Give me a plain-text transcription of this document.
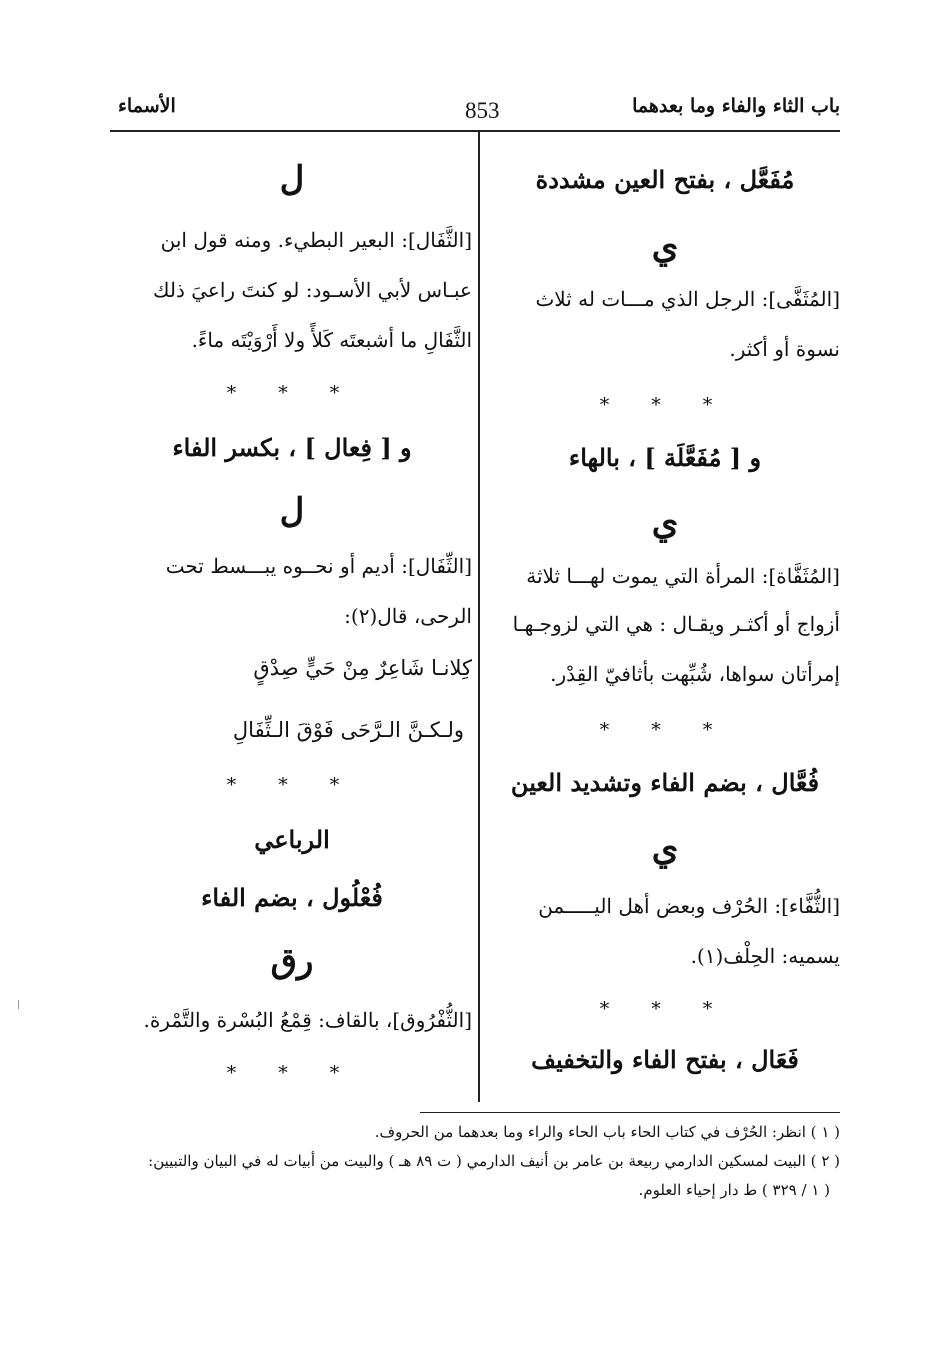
باب الثاء والفاء وما بعدهما
853
الأسماء
مُفَعَّل ، بفتح العين مشددة
ي
[المُثَفَّى]: الرجل الذي مـــات له ثلاث
نسوة أو أكثر.
* * *
و [ مُفَعَّلَة ] ، بالهاء
ي
[المُثَفَّاة]: المرأة التي يموت لهـــا ثلاثة
أزواج أو أكثـر ويقـال : هي التي لزوجـهـا
إمرأتان سواها، شُبِّهت بأثافيّ القِدْر.
* * *
فُعَّال ، بضم الفاء وتشديد العين
ي
[الثُّفَّاء]: الحُرْف وبعض أهل اليـــــمن
يسميه: الحِلْف(١).
* * *
فَعَال ، بفتح الفاء والتخفيف
ل
[الثَّفَال]: البعير البطيء. ومنه قول ابن
عبـاس لأبي الأسـود: لو كنتَ راعيَ ذلك
الثَّفَالِ ما أشبعتَه كَلأً ولا أَرْوَيْتَه ماءً.
* * *
و [ فِعال ] ، بكسر الفاء
ل
[الثِّفَال]: أديم أو نحــوه يبـــسط تحت
الرحى، قال(٢):
كِلانـا شَاعِرٌ مِنْ حَيٍّ صِدْقٍ
ولـكـنَّ الـرَّحَى فَوْقَ الـثِّفَالِ
* * *
الرباعي
فُعْلُول ، بضم الفاء
رق
[الثُّفْرُوق]، بالقاف: قِمْعُ البُسْرة والتَّمْرة.
* * *
( ١ ) انظر: الحُرْف في كتاب الحاء باب الحاء والراء وما بعدهما من الحروف.
( ٢ ) البيت لمسكين الدارمي ربيعة بن عامر بن أنيف الدارمي ( ت ٨٩ هـ ) والبيت من أبيات له في البيان والتبيين:
( ١ / ٣٢٩ ) ط دار إحياء العلوم.
